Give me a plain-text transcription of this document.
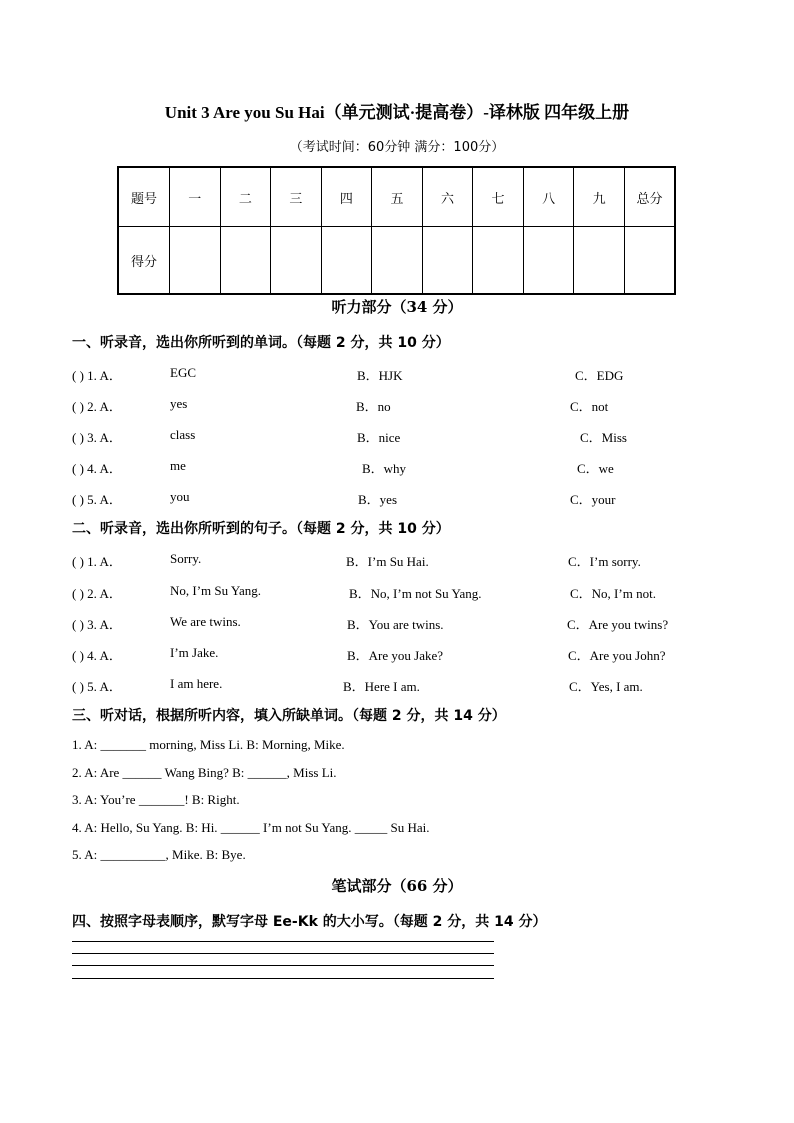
Unit 3 Are you Su Hai（单元测试·提高卷）-译林版 四年级上册
（考试时间：60分钟 满分：100分）
题号	一	二	三	四	五	六	七	八	九	总分
得分										
听力部分（34 分）
一、听录音，选出你所听到的单词。（每题 2 分，共 10 分）
( ) 1. A．	EGC	B．HJK	C．EDG
( ) 2. A．	yes	B．no	C．not
( ) 3. A．	class	B．nice	C．Miss
( ) 4. A．	me	B．why	C．we
( ) 5. A．	you	B．yes	C．your
二、听录音，选出你所听到的句子。（每题 2 分，共 10 分）
( ) 1. A．	Sorry.	B．I’m Su Hai.	C．I’m sorry.
( ) 2. A．	No, I’m Su Yang.	B．No, I’m not Su Yang.	C．No, I’m not.
( ) 3. A．	We are twins.	B．You are twins.	C．Are you twins?
( ) 4. A．	I’m Jake.	B．Are you Jake?	C．Are you John?
( ) 5. A．	I am here.	B．Here I am.	C．Yes, I am.
三、听对话，根据所听内容，填入所缺单词。（每题 2 分，共 14 分）
1. A: _______ morning, Miss Li. B: Morning, Mike.
2. A: Are ______ Wang Bing? B: ______, Miss Li.
3. A: You’re _______! B: Right.
4. A: Hello, Su Yang. B: Hi. ______ I’m not Su Yang. _____ Su Hai.
5. A: __________, Mike. B: Bye.
笔试部分（66 分）
四、按照字母表顺序，默写字母 Ee-Kk 的大小写。（每题 2 分，共 14 分）
